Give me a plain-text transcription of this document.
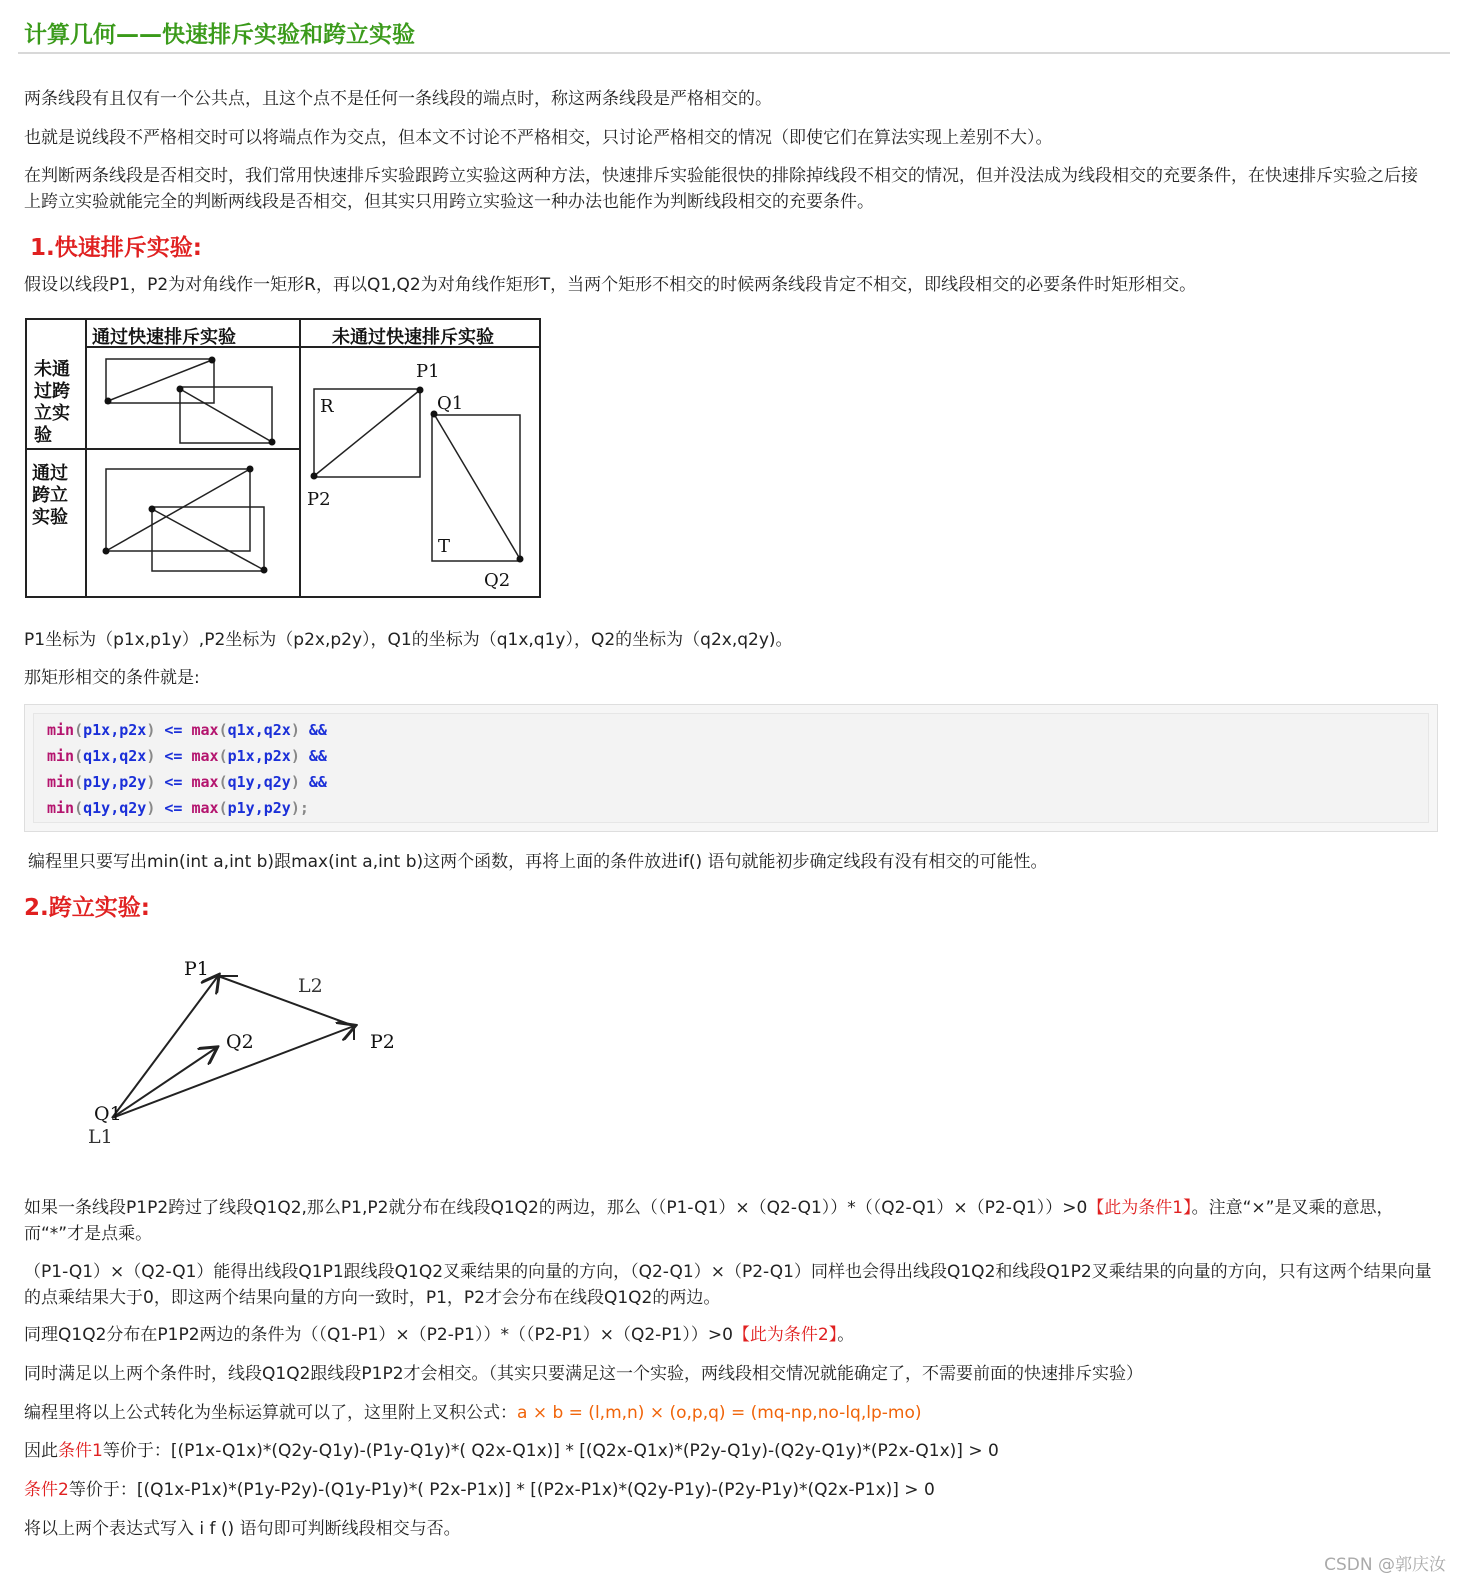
计算几何——快速排斥实验和跨立实验
两条线段有且仅有一个公共点，且这个点不是任何一条线段的端点时，称这两条线段是严格相交的。
也就是说线段不严格相交时可以将端点作为交点，但本文不讨论不严格相交，只讨论严格相交的情况（即使它们在算法实现上差别不大）。
在判断两条线段是否相交时，我们常用快速排斥实验跟跨立实验这两种方法，快速排斥实验能很快的排除掉线段不相交的情况，但并没法成为线段相交的充要条件，在快速排斥实验之后接上跨立实验就能完全的判断两线段是否相交，但其实只用跨立实验这一种办法也能作为判断线段相交的充要条件。
1.快速排斥实验:
假设以线段P1，P2为对角线作一矩形R，再以Q1,Q2为对角线作矩形T，当两个矩形不相交的时候两条线段肯定不相交，即线段相交的必要条件时矩形相交。
通过快速排斥实验	未通过快速排斥实验
未通
过跨
立实
验
通过
跨立
实验
P1
Q1
R
P2
T
Q2
P1坐标为（p1x,p1y）,P2坐标为（p2x,p2y），Q1的坐标为（q1x,q1y），Q2的坐标为（q2x,q2y)。
那矩形相交的条件就是:
min(p1x,p2x) <= max(q1x,q2x) &&
min(q1x,q2x) <= max(p1x,p2x) &&
min(p1y,p2y) <= max(q1y,q2y) &&
min(q1y,q2y) <= max(p1y,p2y);
编程里只要写出min(int a,int b)跟max(int a,int b)这两个函数，再将上面的条件放进if() 语句就能初步确定线段有没有相交的可能性。
2.跨立实验:
P1
L2
Q2	P2
Q1
L1
如果一条线段P1P2跨过了线段Q1Q2,那么P1,P2就分布在线段Q1Q2的两边，那么（（P1-Q1）×（Q2-Q1））*（（Q2-Q1）×（P2-Q1））>0【此为条件1】。注意“×”是叉乘的意思，而“*”才是点乘。
（P1-Q1）×（Q2-Q1）能得出线段Q1P1跟线段Q1Q2叉乘结果的向量的方向，（Q2-Q1）×（P2-Q1）同样也会得出线段Q1Q2和线段Q1P2叉乘结果的向量的方向，只有这两个结果向量的点乘结果大于0，即这两个结果向量的方向一致时，P1，P2才会分布在线段Q1Q2的两边。
同理Q1Q2分布在P1P2两边的条件为（（Q1-P1）×（P2-P1））*（（P2-P1）×（Q2-P1））>0【此为条件2】。
同时满足以上两个条件时，线段Q1Q2跟线段P1P2才会相交。（其实只要满足这一个实验，两线段相交情况就能确定了，不需要前面的快速排斥实验）
编程里将以上公式转化为坐标运算就可以了，这里附上叉积公式：a × b = (l,m,n) × (o,p,q) = (mq-np,no-lq,lp-mo)
因此条件1等价于：[(P1x-Q1x)*(Q2y-Q1y)-(P1y-Q1y)*( Q2x-Q1x)] * [(Q2x-Q1x)*(P2y-Q1y)-(Q2y-Q1y)*(P2x-Q1x)] > 0
条件2等价于：[(Q1x-P1x)*(P1y-P2y)-(Q1y-P1y)*( P2x-P1x)] * [(P2x-P1x)*(Q2y-P1y)-(P2y-P1y)*(Q2x-P1x)] > 0
将以上两个表达式写入 i f () 语句即可判断线段相交与否。
CSDN @郭庆汝
